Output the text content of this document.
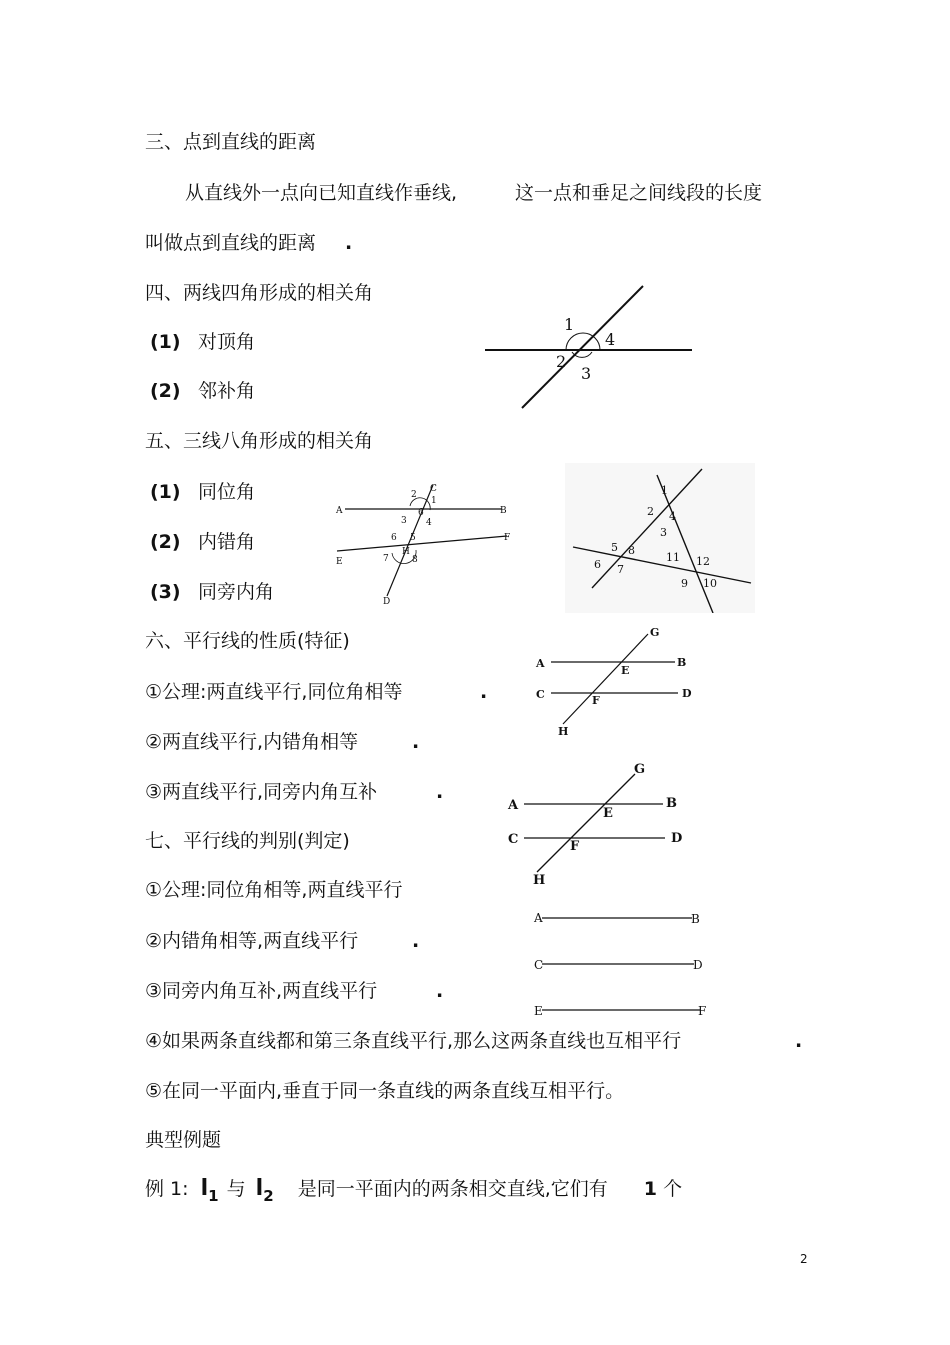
三、点到直线的距离
从直线外一点向已知直线作垂线,	这一点和垂足之间线段的长度
叫做点到直线的距离 .
四、两线四角形成的相关角
(1) 对顶角
(2) 邻补角
五、三线八角形成的相关角
(1) 同位角
(2) 内错角
(3) 同旁内角
六、平行线的性质(特征)
①公理:两直线平行,同位角相等	.
②两直线平行,内错角相等	.
③两直线平行,同旁内角互补	.
七、平行线的判别(判定)
①公理:同位角相等,两直线平行
②内错角相等,两直线平行	.
③同旁内角互补,两直线平行	.
④如果两条直线都和第三条直线平行,那么这两条直线也互相平行	.
⑤在同一平面内,垂直于同一条直线的两条直线互相平行。
典型例题
例 1: $l_1$ 与 $l_2$ 是同一平面内的两条相交直线,它们有 1 个
1
2
3
4
A	B
C
D
E
F
H
1
2
3 4
5
6
7	8
6
1
2
3
4
5
6 7
8
9 10
11 12
A	B
C	D
E
F
G
H
A	B
C	D
E
F
G
H
A	B
C	D
E	F
2
